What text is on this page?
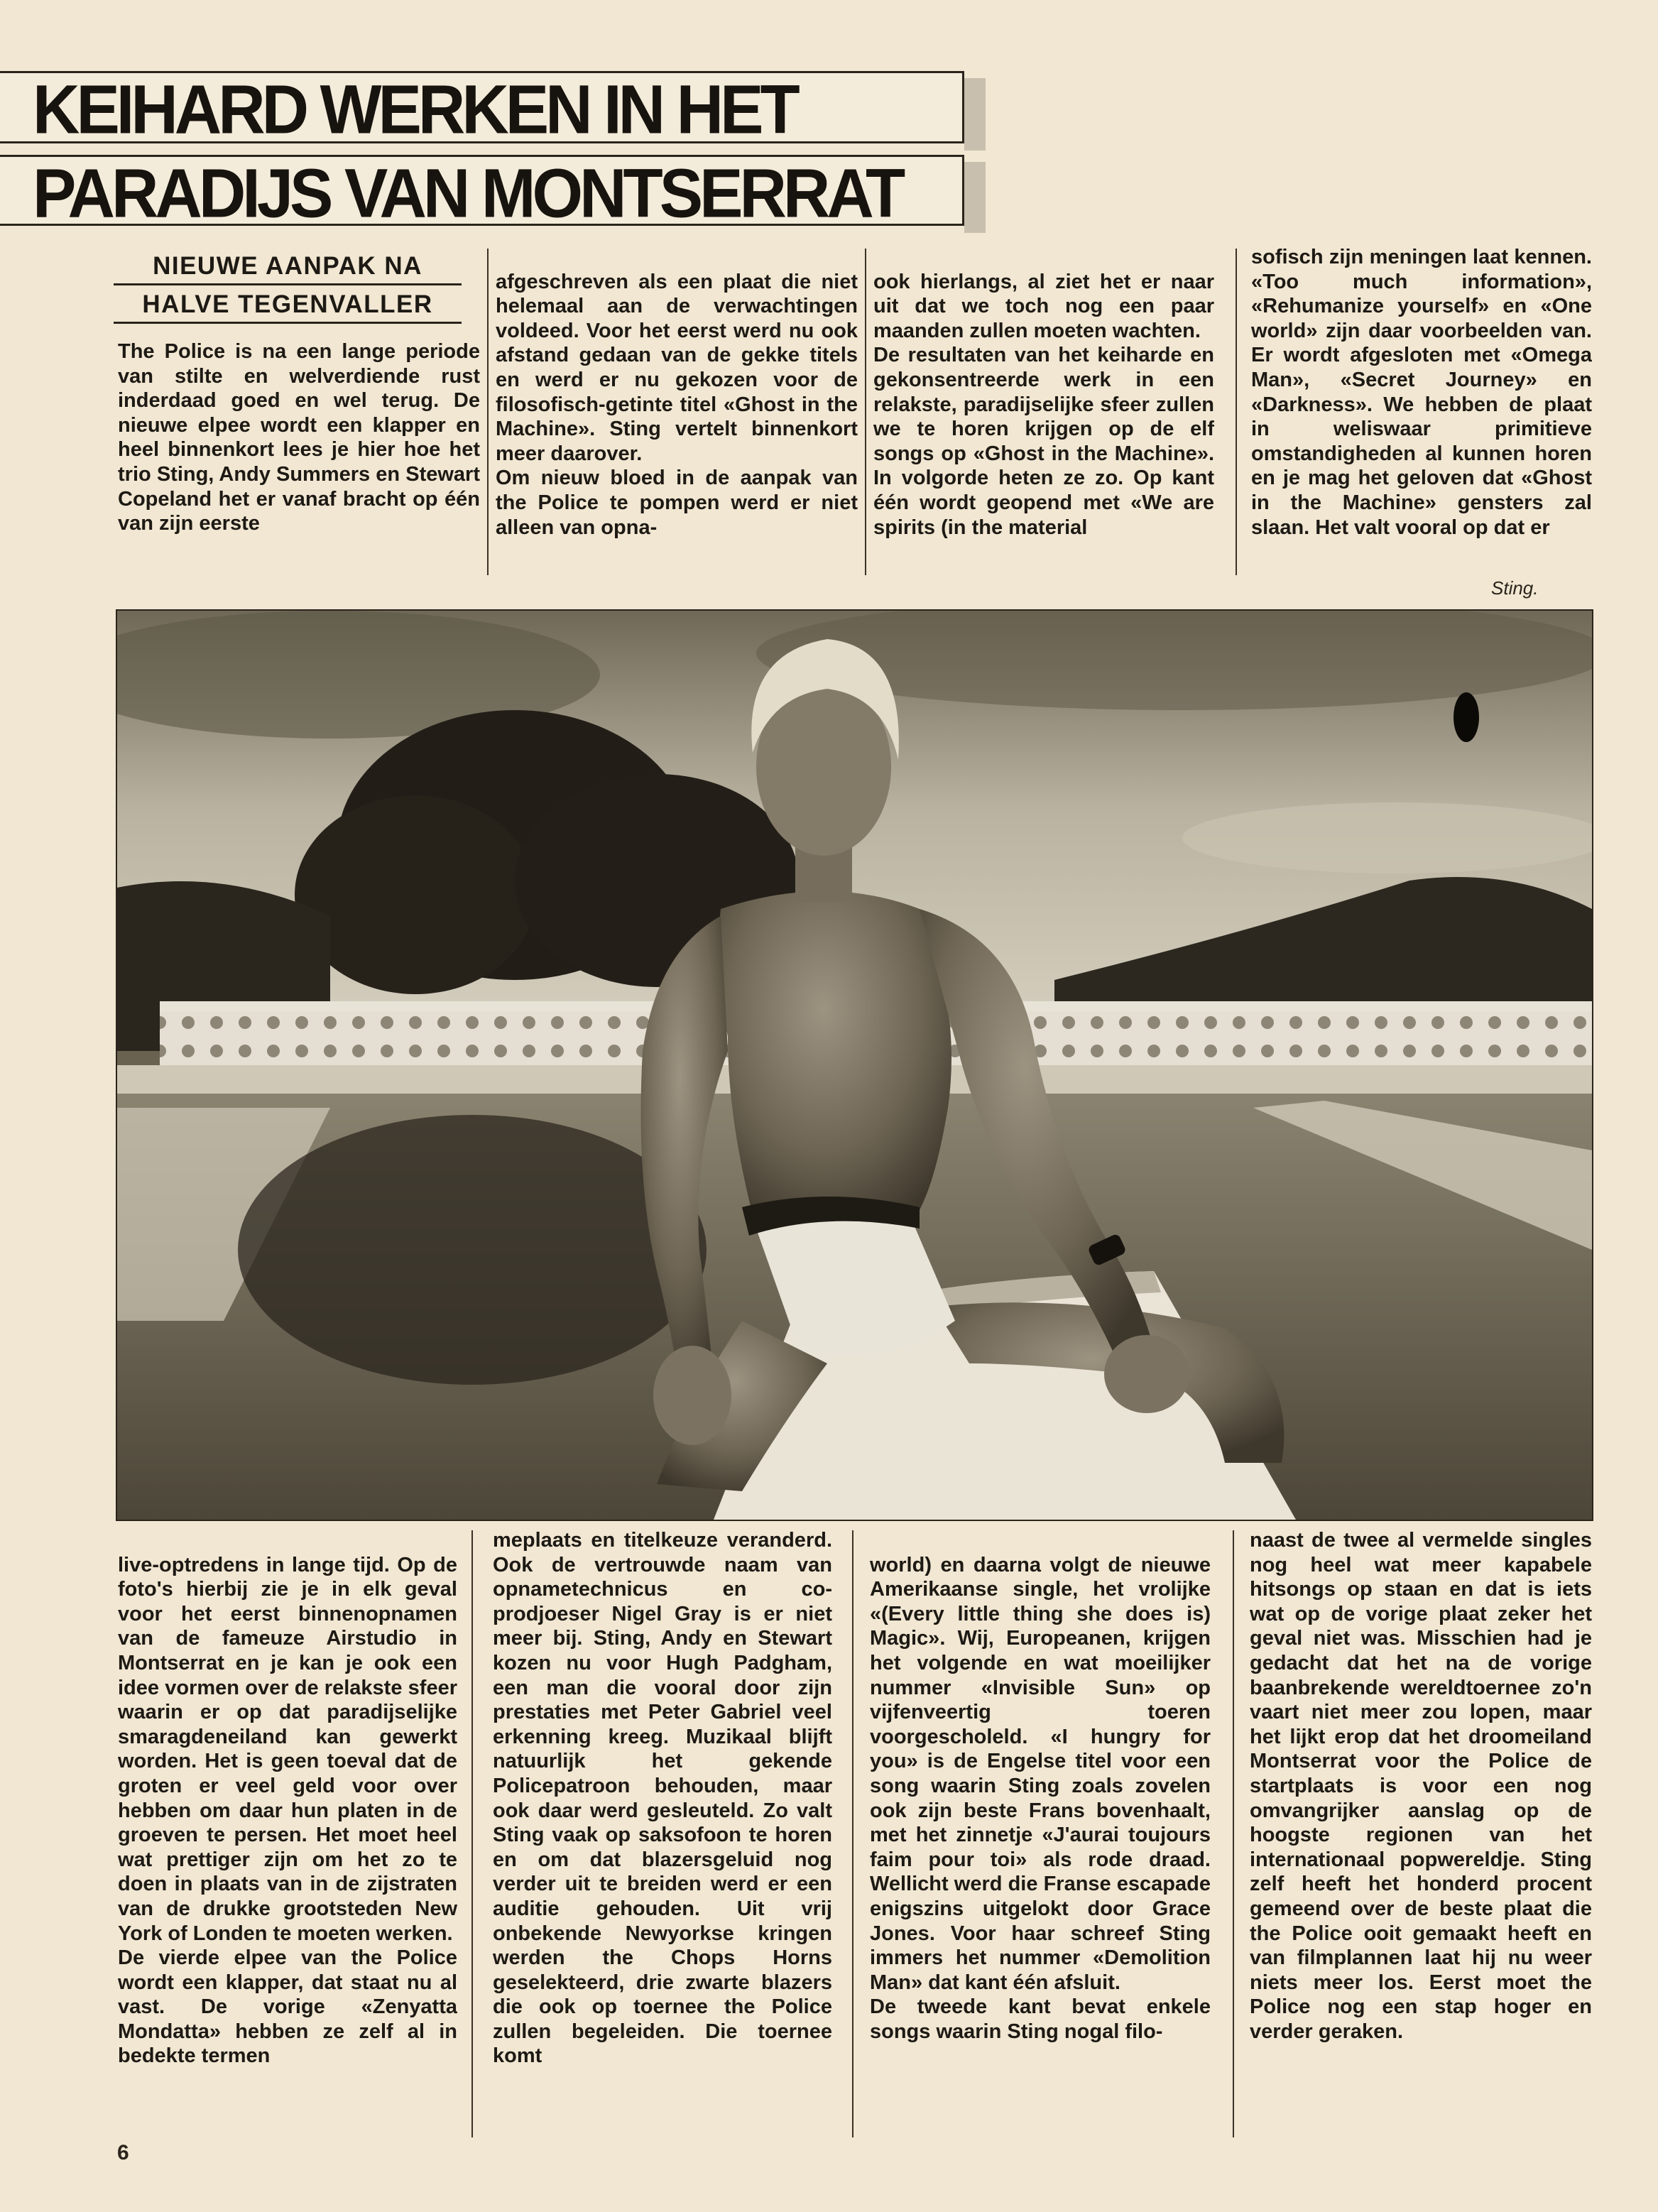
KEIHARD WERKEN IN HET
PARADIJS VAN MONTSERRAT
NIEUWE AANPAK NA
HALVE TEGENVALLER

The Police is na een lange periode van stilte en welverdiende rust inderdaad goed en wel terug. De nieuwe elpee wordt een klapper en heel binnenkort lees je hier hoe het trio Sting, Andy Summers en Stewart Copeland het er vanaf bracht op één van zijn eerste

afgeschreven als een plaat die niet helemaal aan de verwachtingen voldeed. Voor het eerst werd nu ook afstand gedaan van de gekke titels en werd er nu gekozen voor de filosofisch-getinte titel «Ghost in the Machine». Sting vertelt binnenkort meer daarover.
Om nieuw bloed in de aanpak van the Police te pompen werd er niet alleen van opna-

ook hierlangs, al ziet het er naar uit dat we toch nog een paar maanden zullen moeten wachten.
De resultaten van het keiharde en gekonsentreerde werk in een relakste, paradijselijke sfeer zullen we te horen krijgen op de elf songs op «Ghost in the Machine». In volgorde heten ze zo. Op kant één wordt geopend met «We are spirits (in the material

sofisch zijn meningen laat kennen. «Too much information», «Rehumanize yourself» en «One world» zijn daar voorbeelden van. Er wordt afgesloten met «Omega Man», «Secret Journey» en «Darkness». We hebben de plaat in weliswaar primitieve omstandigheden al kunnen horen en je mag het geloven dat «Ghost in the Machine» gensters zal slaan. Het valt vooral op dat er

Sting.

live-optredens in lange tijd. Op de foto's hierbij zie je in elk geval voor het eerst binnenopnamen van de fameuze Airstudio in Montserrat en je kan je ook een idee vormen over de relakste sfeer waarin er op dat paradijselijke smaragdeneiland kan gewerkt worden. Het is geen toeval dat de groten er veel geld voor over hebben om daar hun platen in de groeven te persen. Het moet heel wat prettiger zijn om het zo te doen in plaats van in de zijstraten van de drukke grootsteden New York of Londen te moeten werken.
De vierde elpee van the Police wordt een klapper, dat staat nu al vast. De vorige «Zenyatta Mondatta» hebben ze zelf al in bedekte termen

meplaats en titelkeuze veranderd. Ook de vertrouwde naam van opnametechnicus en co-prodjoeser Nigel Gray is er niet meer bij. Sting, Andy en Stewart kozen nu voor Hugh Padgham, een man die vooral door zijn prestaties met Peter Gabriel veel erkenning kreeg. Muzikaal blijft natuurlijk het gekende Policepatroon behouden, maar ook daar werd gesleuteld. Zo valt Sting vaak op saksofoon te horen en om dat blazersgeluid nog verder uit te breiden werd er een auditie gehouden. Uit vrij onbekende Newyorkse kringen werden the Chops Horns geselekteerd, drie zwarte blazers die ook op toernee the Police zullen begeleiden. Die toernee komt

world) en daarna volgt de nieuwe Amerikaanse single, het vrolijke «(Every little thing she does is) Magic». Wij, Europeanen, krijgen het volgende en wat moeilijker nummer «Invisible Sun» op vijfenveertig toeren voorgescholeld. «I hungry for you» is de Engelse titel voor een song waarin Sting zoals zovelen ook zijn beste Frans bovenhaalt, met het zinnetje «J'aurai toujours faim pour toi» als rode draad. Wellicht werd die Franse escapade enigszins uitgelokt door Grace Jones. Voor haar schreef Sting immers het nummer «Demolition Man» dat kant één afsluit.
De tweede kant bevat enkele songs waarin Sting nogal filo-

naast de twee al vermelde singles nog heel wat meer kapabele hitsongs op staan en dat is iets wat op de vorige plaat zeker het geval niet was. Misschien had je gedacht dat het na de vorige baanbrekende wereldtoernee zo'n vaart niet meer zou lopen, maar het lijkt erop dat het droomeiland Montserrat voor the Police de startplaats is voor een nog omvangrijker aanslag op de hoogste regionen van het internationaal popwereldje. Sting zelf heeft het honderd procent gemeend over de beste plaat die the Police ooit gemaakt heeft en van filmplannen laat hij nu weer niets meer los. Eerst moet the Police nog een stap hoger en verder geraken.

6
